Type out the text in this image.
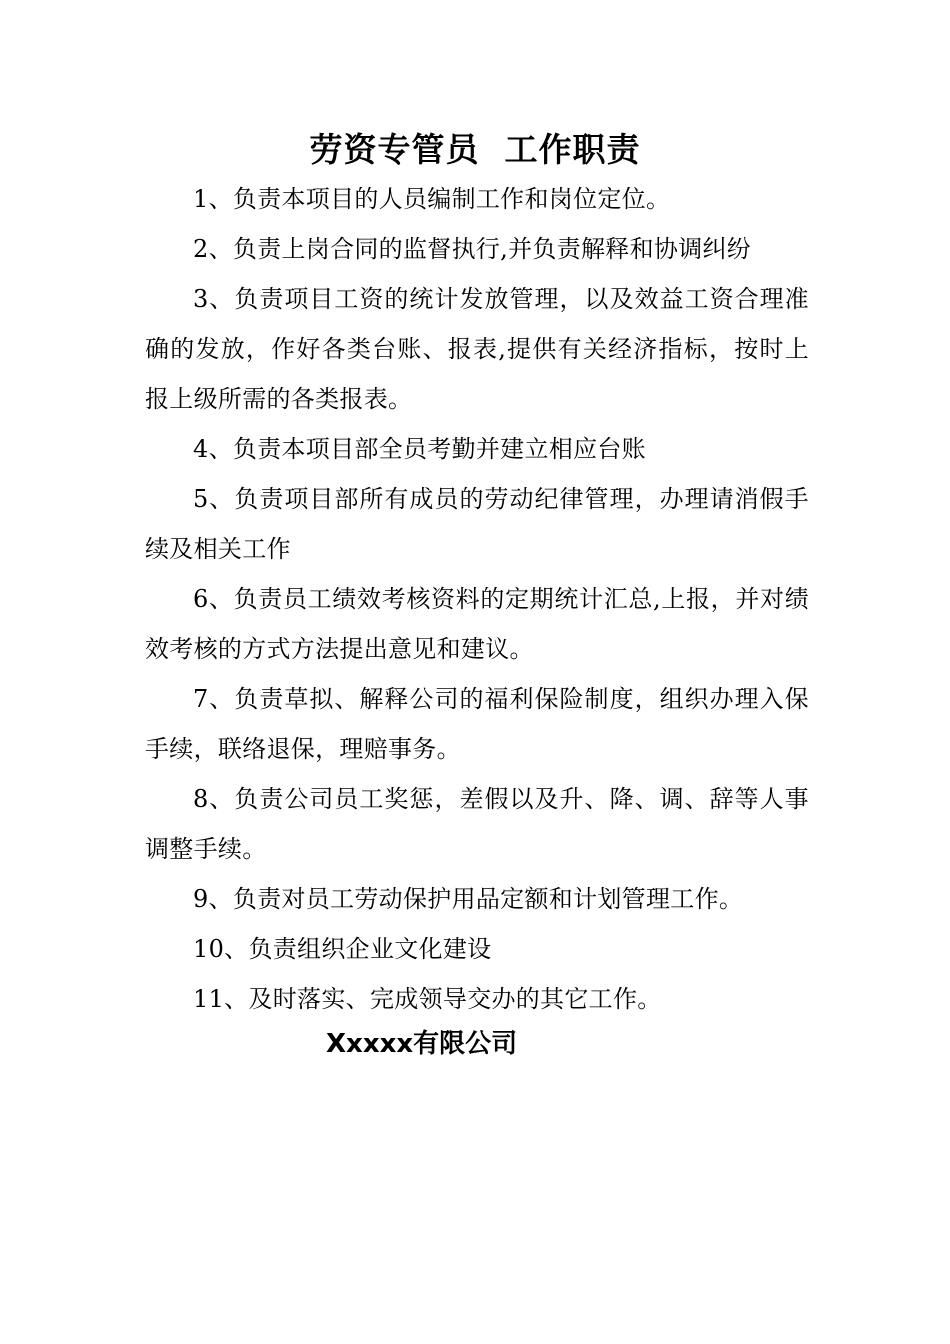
劳资专管员  工作职责

1、负责本项目的人员编制工作和岗位定位。

2、负责上岗合同的监督执行,并负责解释和协调纠纷

3、负责项目工资的统计发放管理，以及效益工资合理准确的发放，作好各类台账、报表,提供有关经济指标，按时上报上级所需的各类报表。

4、负责本项目部全员考勤并建立相应台账

5、负责项目部所有成员的劳动纪律管理，办理请消假手续及相关工作

6、负责员工绩效考核资料的定期统计汇总,上报，并对绩效考核的方式方法提出意见和建议。

7、负责草拟、解释公司的福利保险制度，组织办理入保手续，联络退保，理赔事务。

8、负责公司员工奖惩，差假以及升、降、调、辞等人事调整手续。

9、负责对员工劳动保护用品定额和计划管理工作。

10、负责组织企业文化建设

11、及时落实、完成领导交办的其它工作。

Xxxxx有限公司
